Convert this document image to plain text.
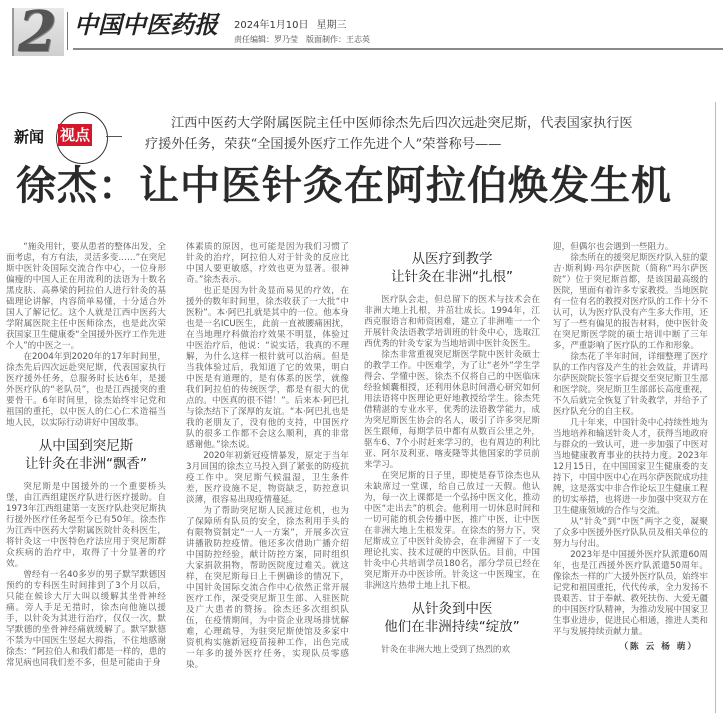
2 中国中医药报	2024年1月10日 星期三
责任编辑：罗乃莹 版面制作：王志英
新闻 视点
江西中医药大学附属医院主任中医师徐杰先后四次远赴突尼斯，代表国家执行医疗援外任务，荣获“全国援外医疗工作先进个人”荣誉称号——
徐杰：让中医针灸在阿拉伯焕发生机

“施灸用针，要从患者的整体出发，全面考虑，有方有法，灵活多变……”在突尼斯中医针灸国际交流合作中心，一位身形偏瘦的中国人正在用流利的法语为十数名黑皮肤、高鼻梁的阿拉伯人进行针灸的基础理论讲解，内容简单易懂，十分适合外国人了解记忆。这个人就是江西中医药大学附属医院主任中医师徐杰，也是此次荣获国家卫生健康委“全国援外医疗工作先进个人”的中医之一。

在2004年到2020年的17年时间里，徐杰先后四次远赴突尼斯，代表国家执行医疗援外任务，总服务时长达6年，是援外医疗队的“老队员”，也是江西援突的重要骨干。6年时间里，徐杰始终牢记党和祖国的重托，以中医人的仁心仁术造福当地人民，以实际行动讲好中国故事。

从中国到突尼斯
让针灸在非洲“飘香”

突尼斯是中国援外的一个重要桥头堡，由江西组建医疗队进行医疗援助。自1973年江西组建第一支医疗队赴突尼斯执行援外医疗任务起至今已有50年。徐杰作为江西中医药大学附属医院针灸科医生，将针灸这一中医特色疗法应用于突尼斯群众疾病的治疗中，取得了十分显著的疗效。

曾经有一名40多岁的男子默罕默德因预约的专科医生时间排到了3个月以后，只能在候诊大厅大叫以缓解其坐骨神经痛。旁人手足无措时，徐杰向他施以援手，以针灸为其进行治疗，仅仅一次，默罕默德的坐骨神经痛就缓解了。默罕默德不禁为中国医生竖起大拇指，不住地感谢徐杰：“阿拉伯人和我们都是一样的，患的常见病也同我们差不多，但是可能由于身

体素质的原因，也可能是因为我们习惯了针灸的治疗，阿拉伯人对于针灸的反应比中国人要更敏感，疗效也更为显著。很神奇。”徐杰表示。

也正是因为针灸显而易见的疗效，在援外的数年时间里，徐杰收获了一大批“中医粉”。本·阿巴扎就是其中的一位。他本身也是一名ICU医生，此前一直被腰痛困扰，在当地理疗科做治疗效果不明显，体验过中医治疗后，他说：“说实话，我真的不理解，为什么这样一根针就可以治病。但是当我体验过后，我知道了它的效果，明白中医是有道理的，是有体系的医学，就像我们阿拉伯的传统医学，都是有很大的优点的。中医真的很不错！”。后来本·阿巴扎与徐杰结下了深厚的友谊。“本·阿巴扎也是我的老朋友了，没有他的支持，中国医疗队的很多工作都不会这么顺利，真的非常感谢他。”徐杰说。

2020年初新冠疫情暴发，原定于当年3月回国的徐杰立马投入到了紧张的防疫抗疫工作中。突尼斯气候温湿，卫生条件差，医疗设施不足，物资缺乏，防控意识淡薄，很容易出现疫情蔓延。

为了帮助突尼斯人民渡过危机，也为了保障所有队员的安全，徐杰利用手头的有限物资制定“一人一方案”，开展多次宣讲播散防控疫情。他还多次借助广播介绍中国防控经验，献计防控方案，同时组织大家捐款捐物，帮助医院度过难关。就这样，在突尼斯每日上千例确诊的情况下，中国针灸国际交流合作中心依然正常开展医疗工作，深受突尼斯卫生部、入驻医院及广大患者的赞扬。徐杰还多次组织队伍，在疫情期间，为中资企业现场排忧解难，心理疏导，为驻突尼斯使馆及多家中资机构实施新冠疫苗接种工作，出色完成一年多的援外医疗任务，实现队员零感染。

从医疗到教学
让针灸在非洲“扎根”

医疗队会走，但总留下的医术与技术会在非洲大地上扎根，并茁壮成长。1994年，江西克服语言和师资困难，建立了非洲唯一一个开展针灸法语教学培训班的针灸中心，选取江西优秀的针灸专家为当地培训中医针灸医生。

徐杰非常重视突尼斯医学院中医针灸硕士的教学工作。中医难学，为了让“老外”学生学得会、学懂中医，徐杰不仅将自己的中医临床经验倾囊相授，还利用休息时间潜心研究如何用法语将中医理论更好地教授给学生。徐杰凭借精湛的专业水平，优秀的法语教学能力，成为突尼斯医生协会的名人，吸引了许多突尼斯医生跟师，每期学员中都有从数百公里之外，驱车6、7个小时赶来学习的，也有周边的利比亚、阿尔及利亚、喀麦隆等其他国家的学员前来学习。

在突尼斯的日子里，即使是春节徐杰也从未缺席过一堂课，给自己放过一天假。他认为，每一次上课都是一个弘扬中医文化，推动中医“走出去”的机会。他利用一切休息时间和一切可能的机会传播中医，推广中医，让中医在非洲大地上生根发芽。在徐杰的努力下，突尼斯成立了中医针灸协会，在非洲留下了一支理论扎实、技术过硬的中医队伍。目前，中国针灸中心共培训学员180名，部分学员已经在突尼斯开办中医诊所。针灸这一中医瑰宝，在非洲这片热带土地上扎下根。

从针灸到中医
他们在非洲持续“绽放”

针灸在非洲大地上受到了热烈的欢

迎，但偶尔也会遇到一些阻力。

徐杰所在的援突尼斯医疗队入驻的蒙吉·斯利姆·玛尔萨医院（简称“玛尔萨医院”）位于突尼斯首都，是该国最高级的医院，里面有着许多专家教授。当地医院有一位有名的教授对医疗队的工作十分不认可，认为医疗队没有产生多大作用，还写了一些有偏见的报告材料，使中医针灸在突尼斯医学院的硕士培训中断了三年多，严重影响了医疗队的工作和形象。

徐杰花了半年时间，详细整理了医疗队的工作内容及产生的社会效益，并请玛尔萨医院院长签字后提交至突尼斯卫生部和医学院。突尼斯卫生部部长高度重视，不久后就完全恢复了针灸教学，并给予了医疗队充分的自主权。

几十年来，中国针灸中心持续性地为当地培养和输送针灸人才，获得当地政府与群众的一致认可，进一步加强了中医对当地健康教育事业的扶持力度。2023年12月15日，在中国国家卫生健康委的支持下，中国中医中心在玛尔萨医院成功挂牌，这是落实中非合作论坛卫生健康工程的切实举措，也将进一步加强中突双方在卫生健康领域的合作与交流。

从“针灸”到“中医”两字之变，凝聚了众多中医援外医疗队队员及相关单位的努力与付出。

2023年是中国援外医疗队派遣60周年，也是江西援外医疗队派遣50周年。像徐杰一样的广大援外医疗队员，始终牢记党和祖国重托，代代传承，全力发扬不畏艰苦、甘于奉献、救死扶伤、大爱无疆的中国医疗队精神，为推动发展中国家卫生事业进步，促进民心相通，推进人类和平与发展持续贡献力量。

（陈 云 杨 萌）
